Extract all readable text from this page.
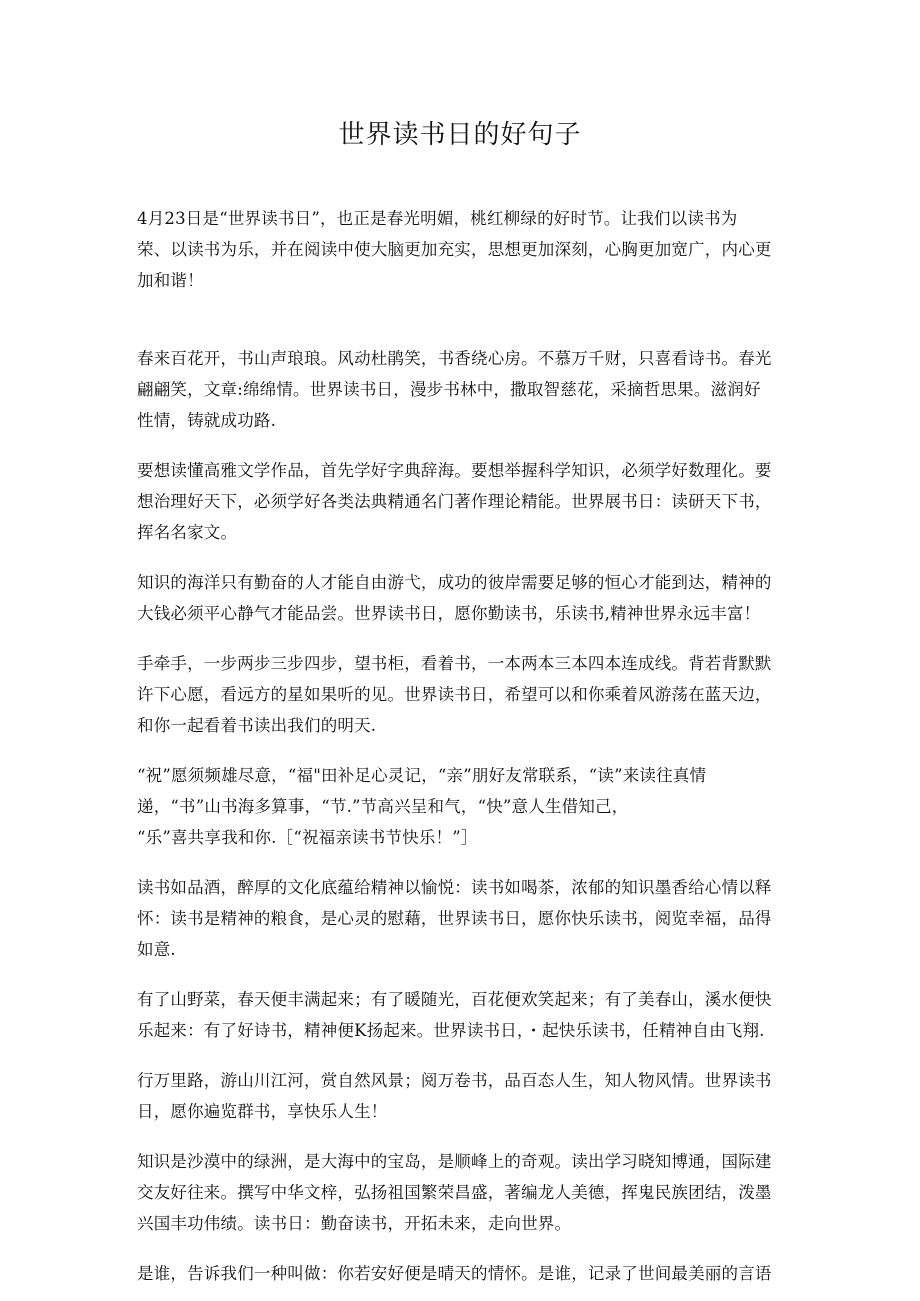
世界读书日的好句子

4月23日是“世界读书日”，也正是春光明媚，桃红柳绿的好时节。让我们以读书为
荣、以读书为乐，并在阅读中使大脑更加充实，思想更加深刻，心胸更加宽广，内心更
加和谐！

春来百花开，书山声琅琅。风动杜鹃笑，书香绕心房。不慕万千财，只喜看诗书。春光
翩翩笑，文章:绵绵情。世界读书日，漫步书林中，撒取智慈花，采摘哲思果。滋润好
性情，铸就成功路.

要想读懂高雅文学作品，首先学好字典辞海。要想举握科学知识，必须学好数理化。要
想治理好天下，必须学好各类法典精通名门著作理论精能。世界展书日：读研天下书，
挥名名家文。

知识的海洋只有勤奋的人才能自由游弋，成功的彼岸需要足够的恒心才能到达，精神的
大钱必须平心静气才能品尝。世界读书日，愿你勤读书，乐读书,精神世界永远丰富！

手牵手，一步两步三步四步，望书柜，看着书，一本两本三本四本连成线。背若背默默
许下心愿，看远方的星如果听的见。世界读书日，希望可以和你乘着风游荡在蓝天边，
和你一起看着书读出我们的明天.

“祝”愿须频雄尽意，“福"田补足心灵记，“亲”朋好友常联系，“读”来读往真情
递，“书”山书海多算事，“节.”节高兴呈和气，“快”意人生借知己，
“乐”喜共享我和你.［“祝福亲读书节快乐！”］

读书如品酒，醉厚的文化底蕴给精神以愉悦：读书如喝茶，浓郁的知识墨香给心情以释
怀：读书是精神的粮食，是心灵的慰藉，世界读书日，愿你快乐读书，阅览幸福，品得
如意.

有了山野菜，春天便丰满起来；有了暖随光，百花便欢笑起来；有了美春山，溪水便快
乐起来：有了好诗书，精神便K扬起来。世界读书日，・起快乐读书，任精神自由飞翔.

行万里路，游山川江河，赏自然风景；阅万卷书，品百态人生，知人物风情。世界读书
日，愿你遍览群书，享快乐人生！

知识是沙漠中的绿洲，是大海中的宝岛，是顺峰上的奇观。读出学习晓知博通，国际建
交友好往来。撰写中华文梓，弘扬祖国繁荣昌盛，著编龙人美德，挥鬼民族团结，泼墨
兴国丰功伟绩。读书日：勤奋读书，开拓未来，走向世界。

是谁，告诉我们一种叫做：你若安好便是晴天的情怀。是谁，记录了世间最美丽的言语
